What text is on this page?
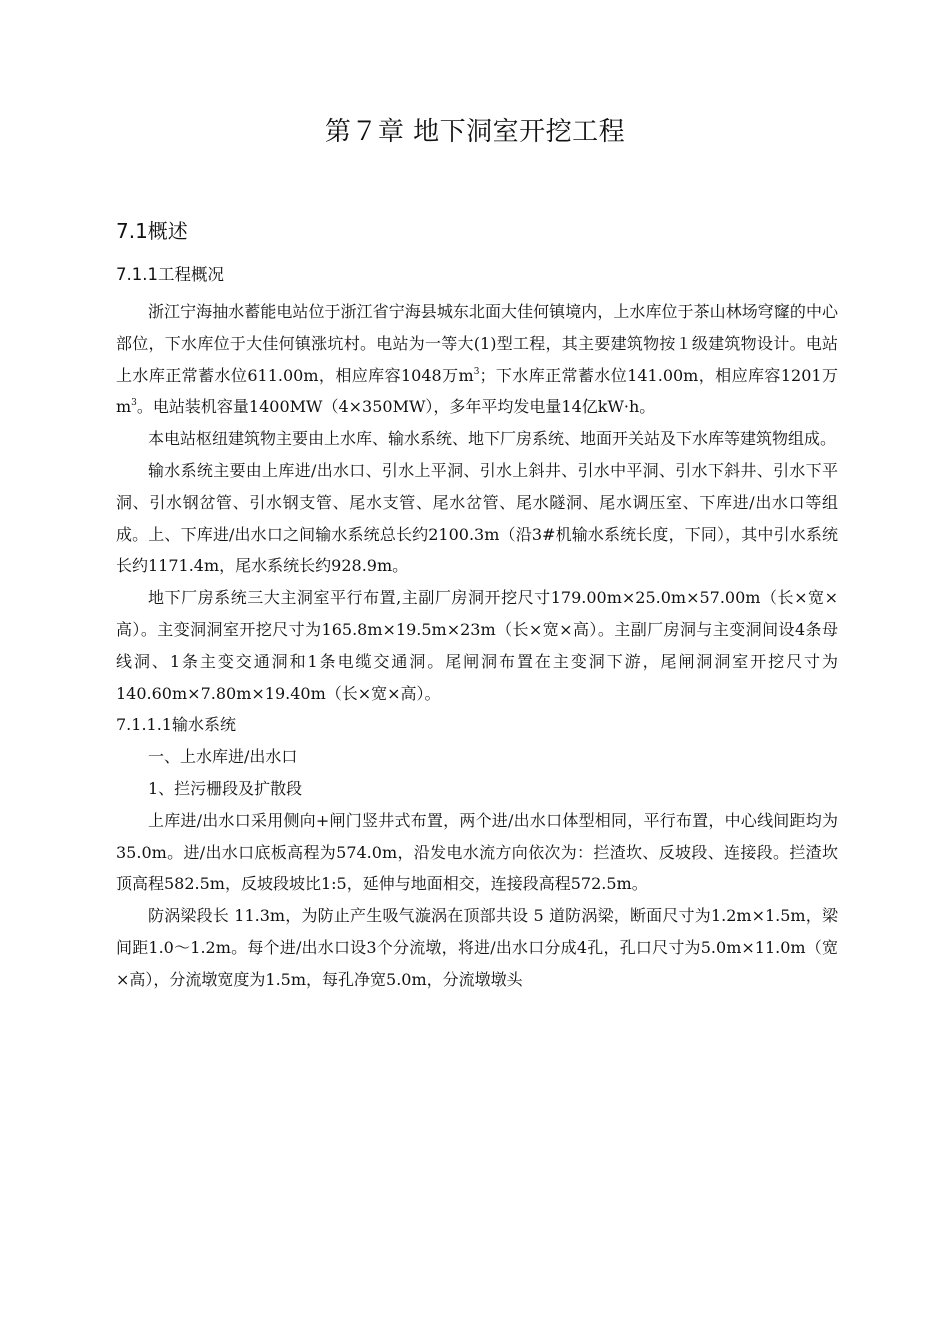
第７章 地下洞室开挖工程
7.1概述
7.1.1工程概况

浙江宁海抽水蓄能电站位于浙江省宁海县城东北面大佳何镇境内，上水库位于茶山林场穹窿的中心部位，下水库位于大佳何镇涨坑村。电站为一等大(1)型工程，其主要建筑物按１级建筑物设计。电站上水库正常蓄水位611.00m，相应库容1048万$m^3$；下水库正常蓄水位141.00m，相应库容1201万$m^3$。电站装机容量1400MW（4×350MW），多年平均发电量14亿kW·h。

本电站枢纽建筑物主要由上水库、输水系统、地下厂房系统、地面开关站及下水库等建筑物组成。

输水系统主要由上库进/出水口、引水上平洞、引水上斜井、引水中平洞、引水下斜井、引水下平洞、引水钢岔管、引水钢支管、尾水支管、尾水岔管、尾水隧洞、尾水调压室、下库进/出水口等组成。上、下库进/出水口之间输水系统总长约2100.3m（沿3#机输水系统长度，下同），其中引水系统长约1171.4m，尾水系统长约928.9m。

地下厂房系统三大主洞室平行布置,主副厂房洞开挖尺寸179.00m×25.0m×57.00m（长×宽×高）。主变洞洞室开挖尺寸为165.8m×19.5m×23m（长×宽×高）。主副厂房洞与主变洞间设4条母线洞、1条主变交通洞和1条电缆交通洞。尾闸洞布置在主变洞下游，尾闸洞洞室开挖尺寸为140.60m×7.80m×19.40m（长×宽×高）。

7.1.1.1输水系统

一、上水库进/出水口

1、拦污栅段及扩散段

上库进/出水口采用侧向+闸门竖井式布置，两个进/出水口体型相同，平行布置，中心线间距均为35.0m。进/出水口底板高程为574.0m，沿发电水流方向依次为：拦渣坎、反坡段、连接段。拦渣坎顶高程582.5m，反坡段坡比1:5，延伸与地面相交，连接段高程572.5m。

防涡梁段长 11.3m，为防止产生吸气漩涡在顶部共设 5 道防涡梁，断面尺寸为1.2m×1.5m，梁间距1.0～1.2m。每个进/出水口设3个分流墩，将进/出水口分成4孔，孔口尺寸为5.0m×11.0m（宽×高），分流墩宽度为1.5m，每孔净宽5.0m，分流墩墩头
